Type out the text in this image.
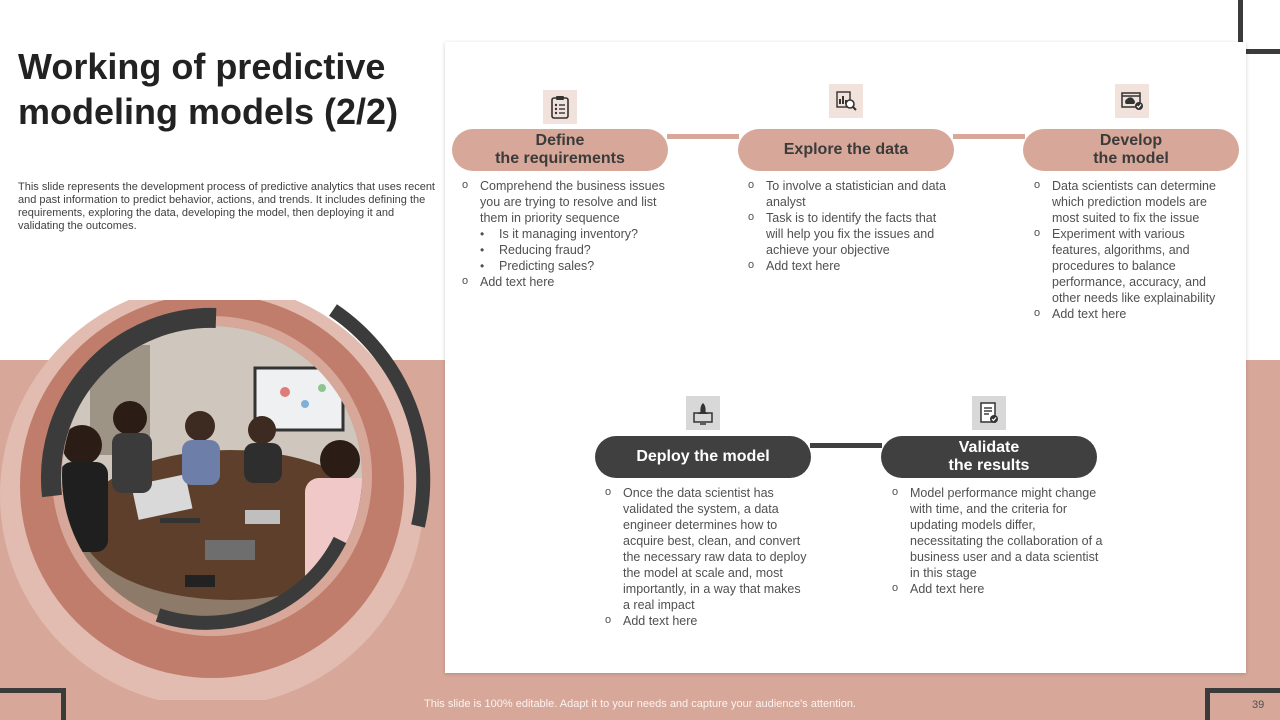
Working of predictive modeling models (2/2)

This slide represents the development process of predictive analytics that uses recent and past information to predict behavior, actions, and trends. It includes defining the requirements, exploring the data, developing the model, then deploying it and validating the outcomes.

Define
the requirements
o Comprehend the business issues you are trying to resolve and list them in priority sequence
• Is it managing inventory?
• Reducing fraud?
• Predicting sales?
o Add text here
Explore the data
o To involve a statistician and data analyst
o Task is to identify the facts that will help you fix the issues and achieve your objective
o Add text here
Develop
the model
o Data scientists can determine which prediction models are most suited to fix the issue
o Experiment with various features, algorithms, and procedures to balance performance, accuracy, and other needs like explainability
o Add text here
Deploy the model
o Once the data scientist has validated the system, a data engineer determines how to acquire best, clean, and convert the necessary raw data to deploy the model at scale and, most importantly, in a way that makes a real impact
o Add text here
Validate
the results
o Model performance might change with time, and the criteria for updating models differ, necessitating the collaboration of a business user and a data scientist in this stage
o Add text here
This slide is 100% editable. Adapt it to your needs and capture your audience's attention.	39
